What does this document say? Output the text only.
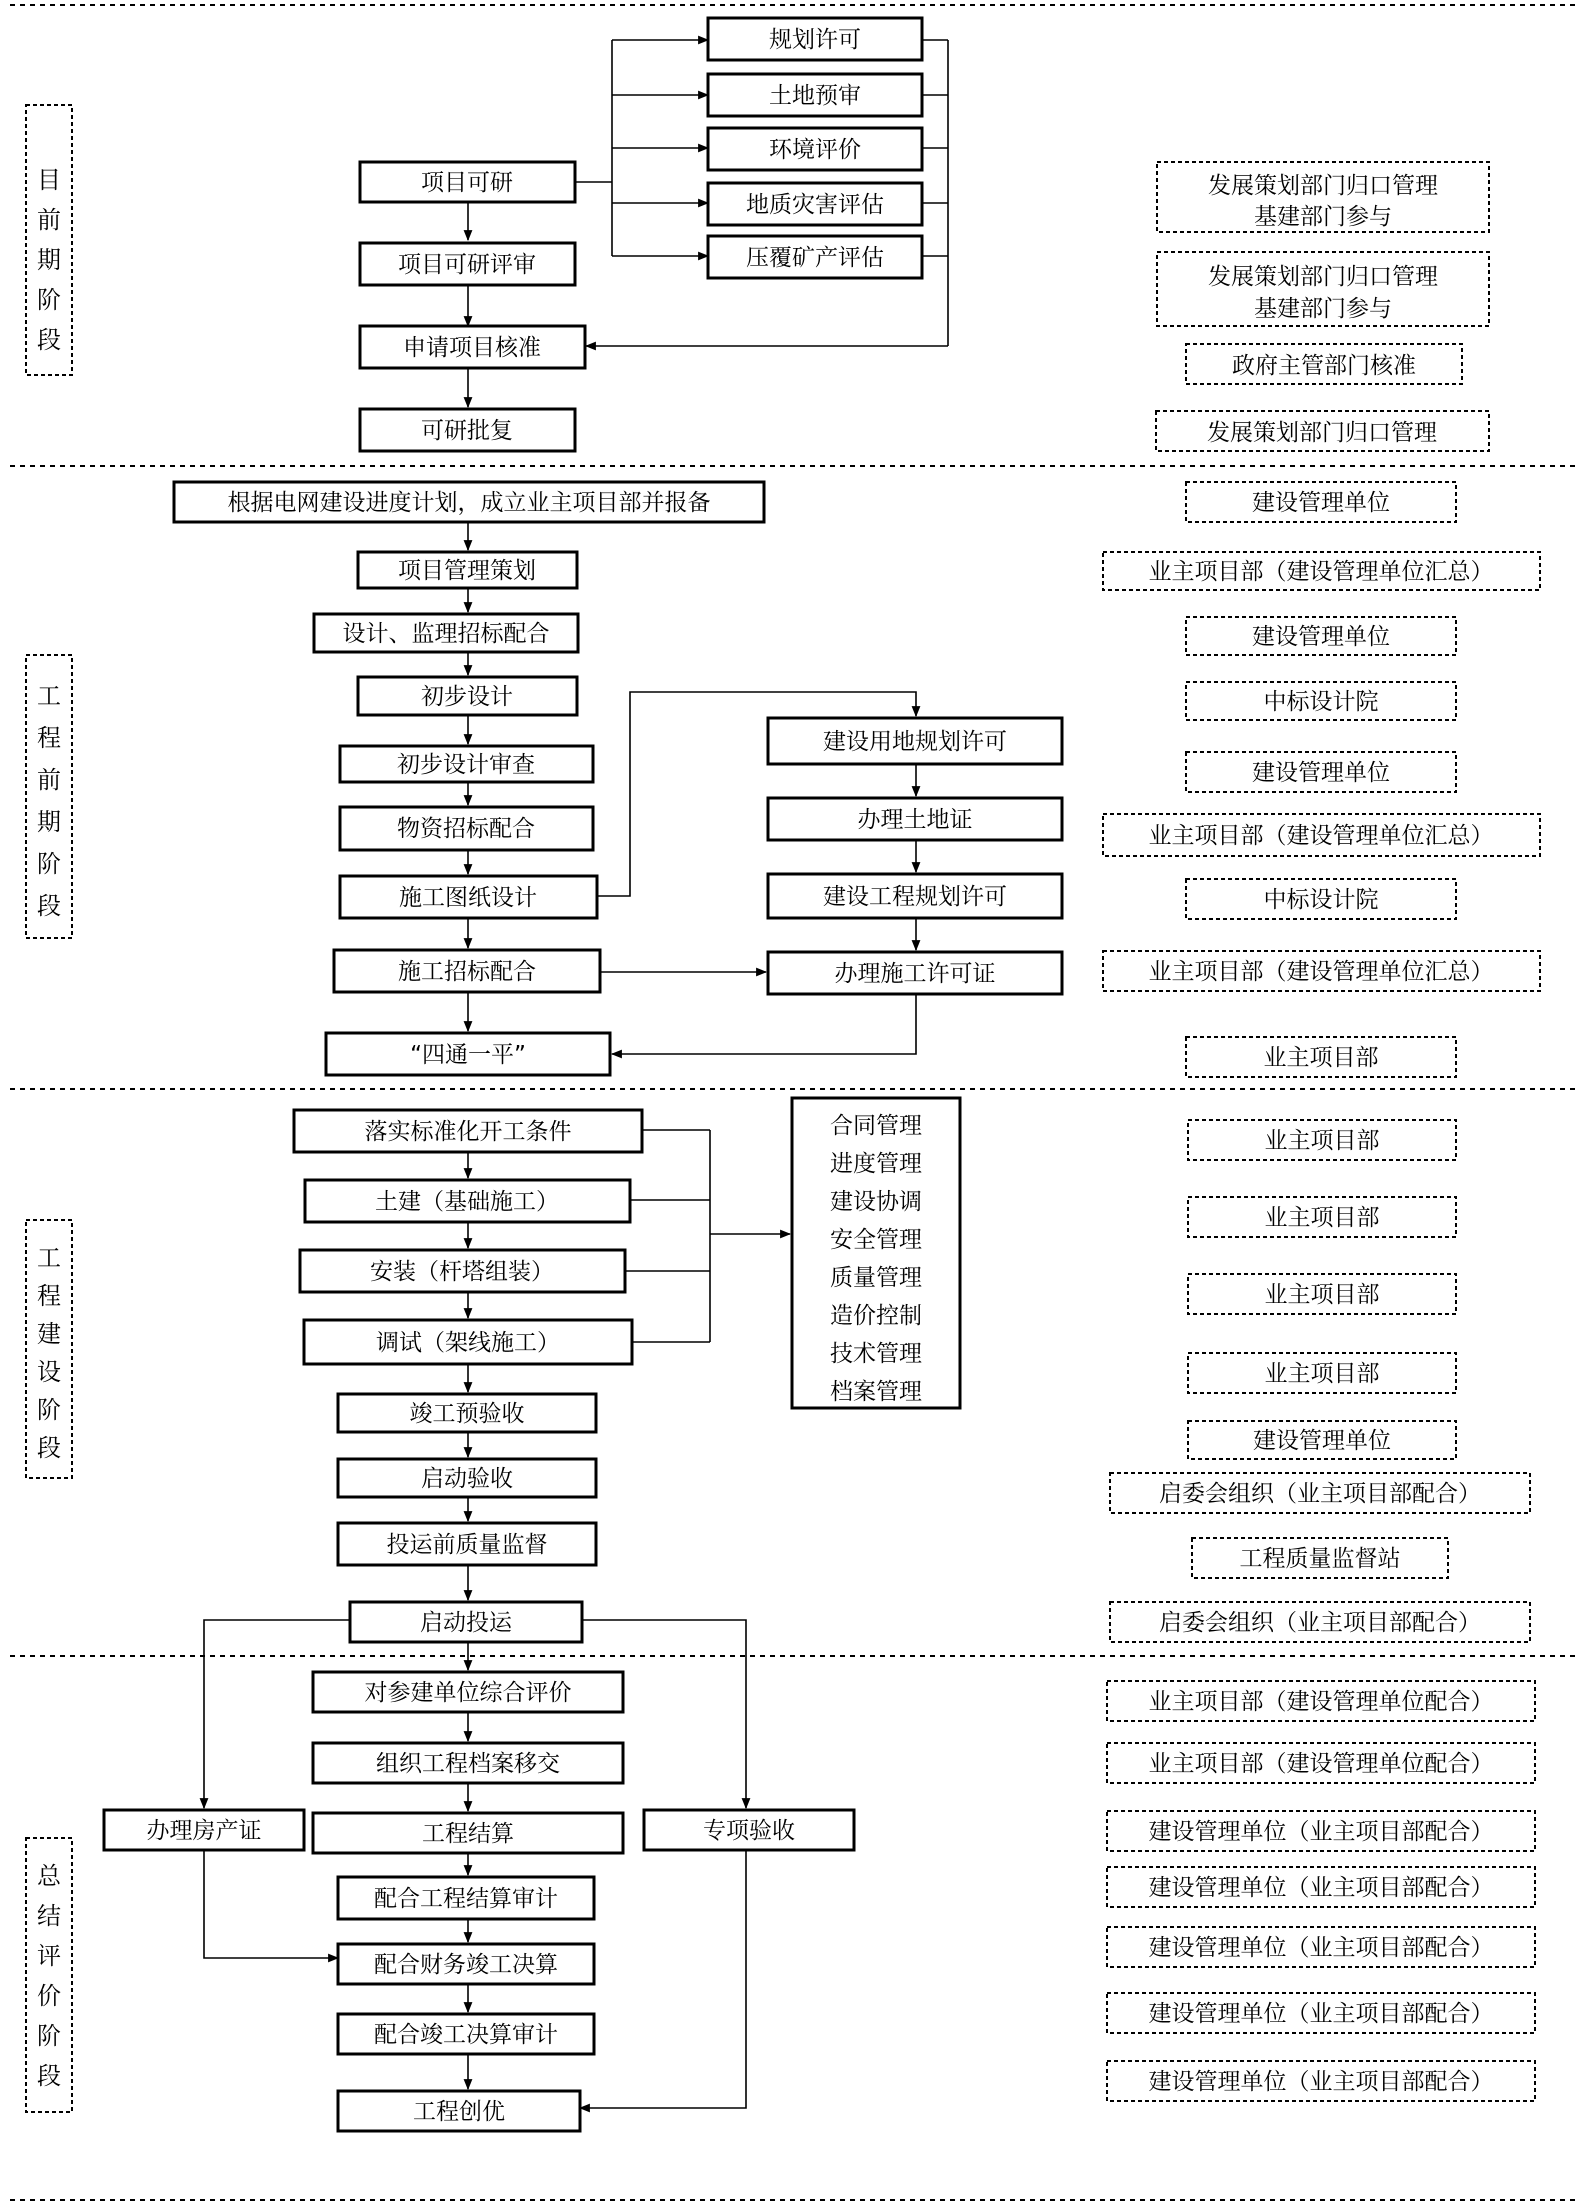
目
前
期
阶
段
工
程
前
期
阶
段
工
程
建
设
阶
段
总
结
评
价
阶
段
规划许可
土地预审
环境评价
地质灾害评估
压覆矿产评估
项目可研
项目可研评审
申请项目核准
可研批复
发展策划部门归口管理
基建部门参与
发展策划部门归口管理
基建部门参与
政府主管部门核准
发展策划部门归口管理
根据电网建设进度计划，成立业主项目部并报备
项目管理策划
设计、监理招标配合
初步设计
初步设计审查
物资招标配合
施工图纸设计
施工招标配合
“四通一平”
建设用地规划许可
办理土地证
建设工程规划许可
办理施工许可证
建设管理单位
业主项目部（建设管理单位汇总）
建设管理单位
中标设计院
建设管理单位
业主项目部（建设管理单位汇总）
中标设计院
业主项目部（建设管理单位汇总）
业主项目部
落实标准化开工条件
土建（基础施工）
安装（杆塔组装）
调试（架线施工）
竣工预验收
启动验收
投运前质量监督
启动投运
合同管理
进度管理
建设协调
安全管理
质量管理
造价控制
技术管理
档案管理
业主项目部
业主项目部
业主项目部
业主项目部
建设管理单位
启委会组织（业主项目部配合）
工程质量监督站
启委会组织（业主项目部配合）
对参建单位综合评价
组织工程档案移交
工程结算
配合工程结算审计
配合财务竣工决算
配合竣工决算审计
工程创优
办理房产证	专项验收
业主项目部（建设管理单位配合）
业主项目部（建设管理单位配合）
建设管理单位（业主项目部配合）
建设管理单位（业主项目部配合）
建设管理单位（业主项目部配合）
建设管理单位（业主项目部配合）
建设管理单位（业主项目部配合）
